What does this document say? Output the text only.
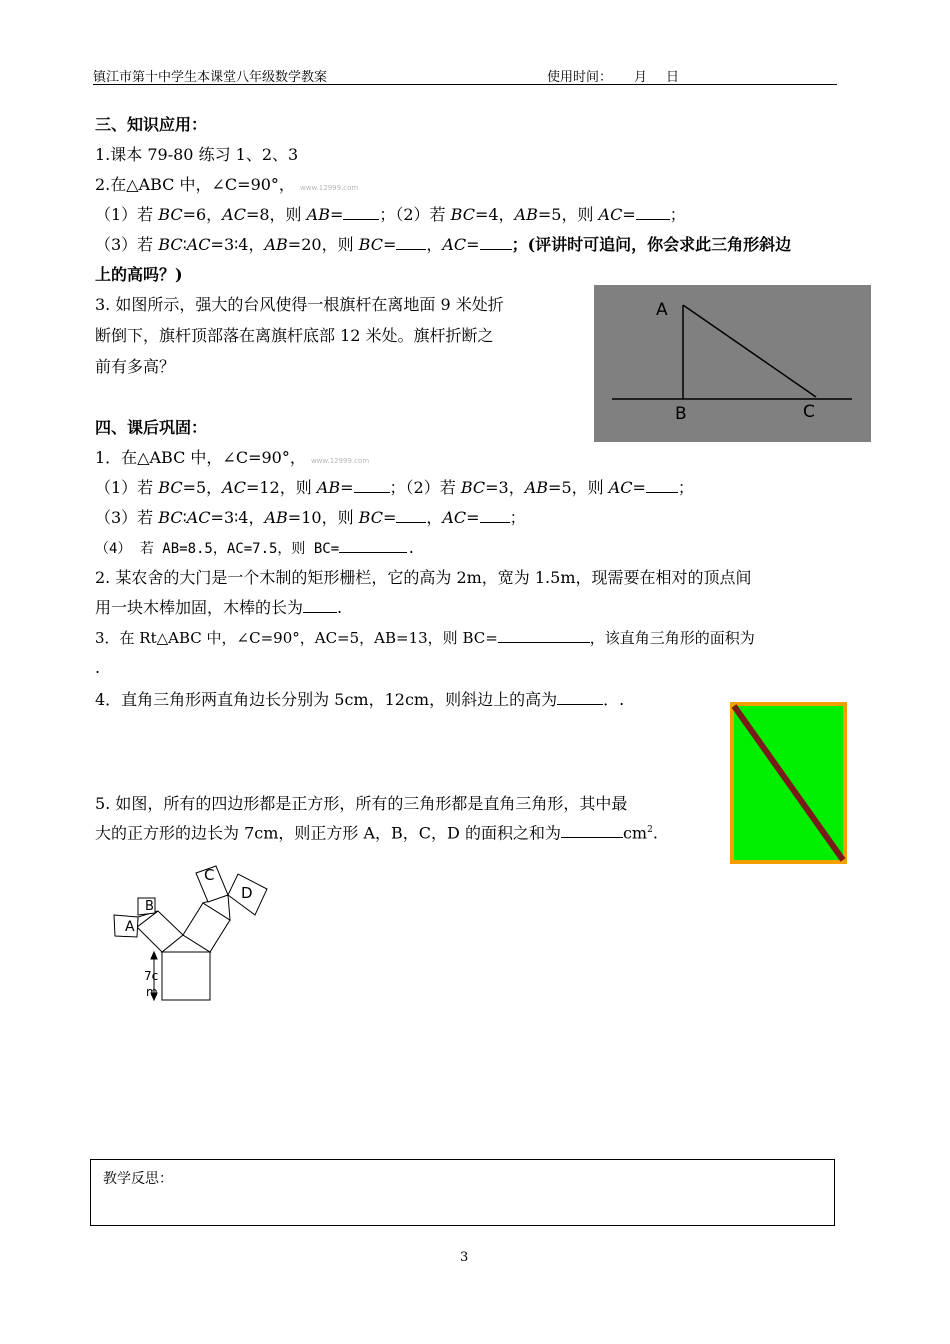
镇江市第十中学生本课堂八年级数学教案	使用时间： 月 日
三、知识应用：
1.课本 79-80 练习 1、2、3
2.在△ABC 中，∠C=90°， www.12999.com
（1）若 BC=6，AC=8，则 AB= ；（2）若 BC=4，AB=5，则 AC= ；
（3）若 BC∶AC=3∶4，AB=20，则 BC= ，AC= ；(评讲时可追问，你会求此三角形斜边
上的高吗？)
3. 如图所示，强大的台风使得一根旗杆在离地面 9 米处折
断倒下，旗杆顶部落在离旗杆底部 12 米处。旗杆折断之
前有多高？
A
B	C
四、课后巩固：
1．在△ABC 中，∠C=90°， www.12999.com
（1）若 BC=5，AC=12，则 AB= ；（2）若 BC=3，AB=5，则 AC= ；
（3）若 BC∶AC=3∶4，AB=10，则 BC= ，AC= ；
（4） 若 AB=8.5，AC=7.5，则 BC=	.
2. 某农舍的大门是一个木制的矩形栅栏，它的高为 2m，宽为 1.5m，现需要在相对的顶点间
用一块木棒加固，木棒的长为 .
3．在 Rt△ABC 中，∠C=90°，AC=5，AB=13，则 BC=	，该直角三角形的面积为
.
4．直角三角形两直角边长分别为 5cm，12cm，则斜边上的高为	．.
5. 如图，所有的四边形都是正方形，所有的三角形都是直角三角形，其中最
大的正方形的边长为 7cm，则正方形 A，B，C，D 的面积之和为	$cm^2$.
A
B
C
D
7c
m
教学反思：
3
